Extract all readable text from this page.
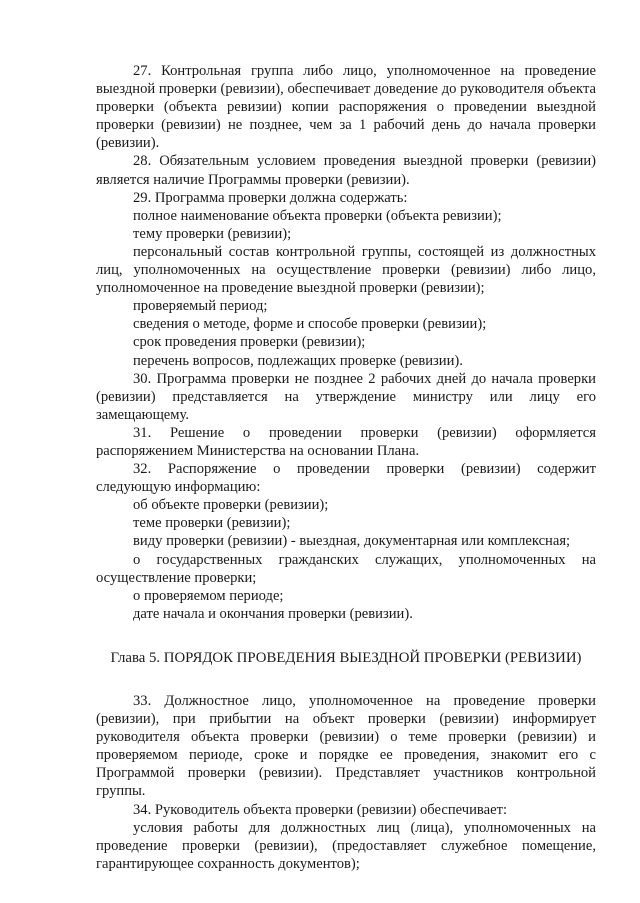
27. Контрольная группа либо лицо, уполномоченное на проведение выездной проверки (ревизии), обеспечивает доведение до руководителя объекта проверки (объекта ревизии) копии распоряжения о проведении выездной проверки (ревизии) не позднее, чем за 1 рабочий день до начала проверки (ревизии).

28. Обязательным условием проведения выездной проверки (ревизии) является наличие Программы проверки (ревизии).

29. Программа проверки должна содержать:

полное наименование объекта проверки (объекта ревизии);

тему проверки (ревизии);

персональный состав контрольной группы, состоящей из должностных лиц, уполномоченных на осуществление проверки (ревизии) либо лицо, уполномоченное на проведение выездной проверки (ревизии);

проверяемый период;

сведения о методе, форме и способе проверки (ревизии);

срок проведения проверки (ревизии);

перечень вопросов, подлежащих проверке (ревизии).

30. Программа проверки не позднее 2 рабочих дней до начала проверки (ревизии) представляется на утверждение министру или лицу его замещающему.

31. Решение о проведении проверки (ревизии) оформляется распоряжением Министерства на основании Плана.

32. Распоряжение о проведении проверки (ревизии) содержит следующую информацию:

об объекте проверки (ревизии);

теме проверки (ревизии);

виду проверки (ревизии) - выездная, документарная или комплексная;

о государственных гражданских служащих, уполномоченных на осуществление проверки;

о проверяемом периоде;

дате начала и окончания проверки (ревизии).

Глава 5. ПОРЯДОК ПРОВЕДЕНИЯ ВЫЕЗДНОЙ ПРОВЕРКИ (РЕВИЗИИ)

33. Должностное лицо, уполномоченное на проведение проверки (ревизии), при прибытии на объект проверки (ревизии) информирует руководителя объекта проверки (ревизии) о теме проверки (ревизии) и проверяемом периоде, сроке и порядке ее проведения, знакомит его с Программой проверки (ревизии). Представляет участников контрольной группы.

34. Руководитель объекта проверки (ревизии) обеспечивает:

условия работы для должностных лиц (лица), уполномоченных на проведение проверки (ревизии), (предоставляет служебное помещение, гарантирующее сохранность документов);
